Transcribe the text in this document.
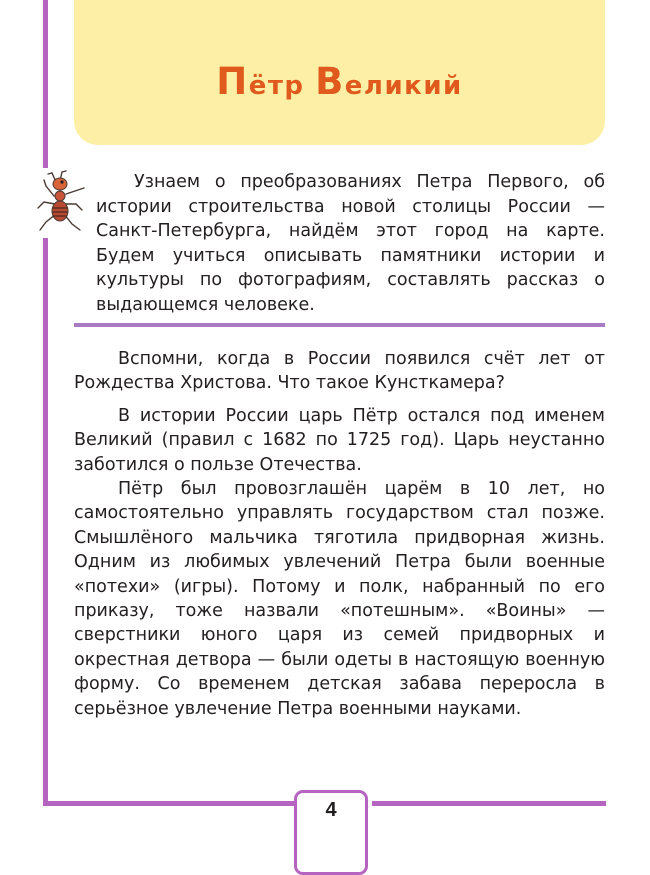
Пётр Великий

Узнаем о преобразованиях Петра Первого, об истории строительства новой столицы России — Санкт-Петербурга, найдём этот город на карте. Будем учиться описывать памятники истории и культуры по фотографиям, составлять рассказ о выдающемся человеке.

Вспомни, когда в России появился счёт лет от Рождества Христова. Что такое Кунсткамера?

В истории России царь Пётр остался под именем Великий (правил с 1682 по 1725 год). Царь неустанно заботился о пользе Отечества.

Пётр был провозглашён царём в 10 лет, но самостоятельно управлять государством стал позже. Смышлёного мальчика тяготила придворная жизнь. Одним из любимых увлечений Петра были военные «потехи» (игры). Потому и полк, набранный по его приказу, тоже назвали «потешным». «Воины» — сверстники юного царя из семей придворных и окрестная детвора — были одеты в настоящую военную форму. Со временем детская забава переросла в серьёзное увлечение Петра военными науками.

4
